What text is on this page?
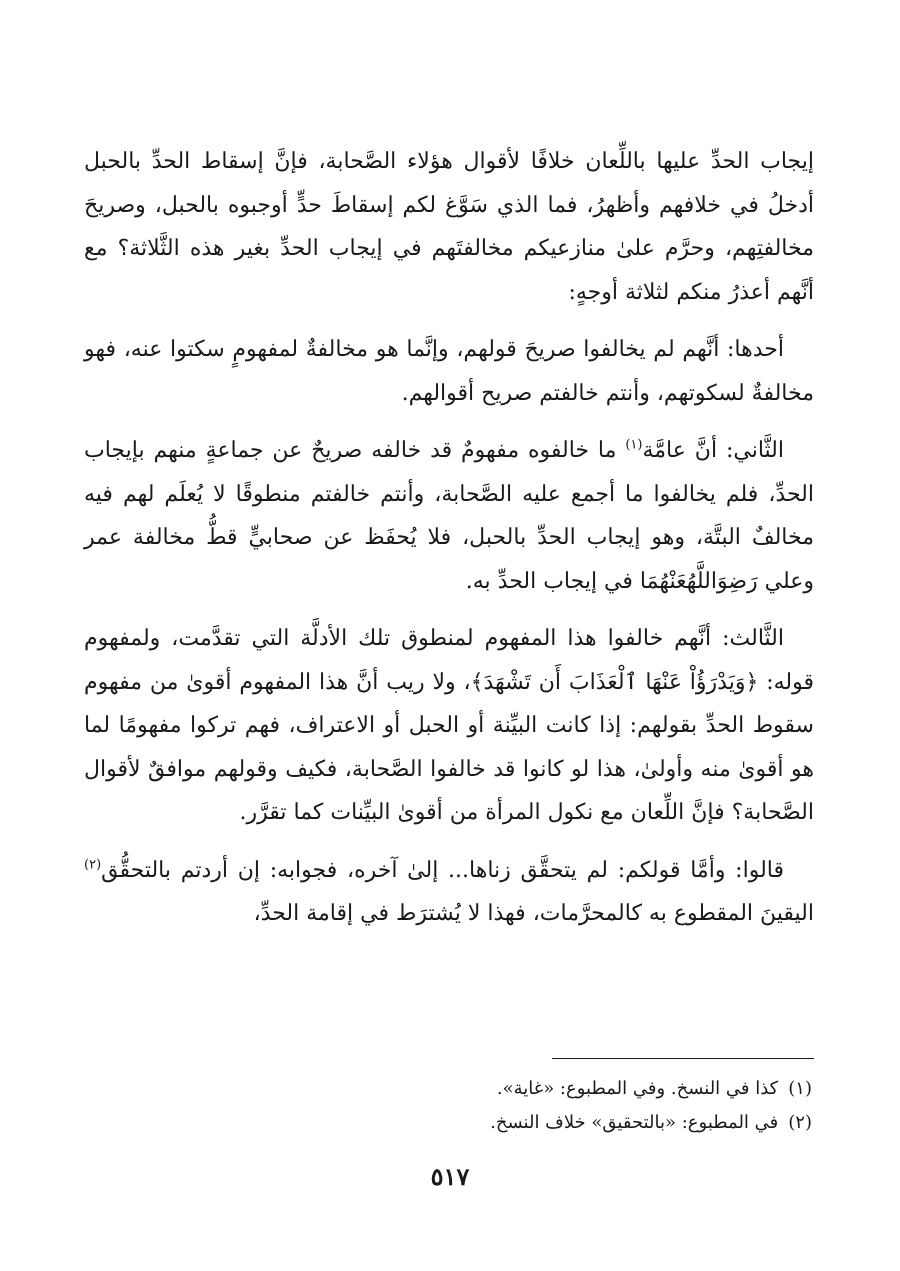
إيجاب الحدِّ عليها باللِّعان خلافًا لأقوال هؤلاء الصَّحابة، فإنَّ إسقاط الحدِّ بالحبل أدخلُ في خلافهم وأظهرُ، فما الذي سَوَّغ لكم إسقاطَ حدٍّ أوجبوه بالحبل، وصريحَ مخالفتِهم، وحرَّم علىٰ منازعيكم مخالفتَهم في إيجاب الحدِّ بغير هذه الثَّلاثة؟ مع أنَّهم أعذرُ منكم لثلاثة أوجهٍ:

أحدها: أنَّهم لم يخالفوا صريحَ قولهم، وإنَّما هو مخالفةٌ لمفهومٍ سكتوا عنه، فهو مخالفةٌ لسكوتهم، وأنتم خالفتم صريح أقوالهم.

الثَّاني: أنَّ عامَّة$^{(١)}$ ما خالفوه مفهومٌ قد خالفه صريحٌ عن جماعةٍ منهم بإيجاب الحدِّ، فلم يخالفوا ما أجمع عليه الصَّحابة، وأنتم خالفتم منطوقًا لا يُعلَم لهم فيه مخالفٌ البتَّة، وهو إيجاب الحدِّ بالحبل، فلا يُحفَظ عن صحابيٍّ قطُّ مخالفة عمر وعلي رَضِوَاللَّهُعَنْهُمَا في إيجاب الحدِّ به.

الثَّالث: أنَّهم خالفوا هذا المفهوم لمنطوق تلك الأدلَّة التي تقدَّمت، ولمفهوم قوله: ﴿وَيَدْرَؤُاْ عَنْهَا ٱلْعَذَابَ أَن تَشْهَدَ﴾، ولا ريب أنَّ هذا المفهوم أقوىٰ من مفهوم سقوط الحدِّ بقولهم: إذا كانت البيِّنة أو الحبل أو الاعتراف، فهم تركوا مفهومًا لما هو أقوىٰ منه وأولىٰ، هذا لو كانوا قد خالفوا الصَّحابة، فكيف وقولهم موافقٌ لأقوال الصَّحابة؟ فإنَّ اللِّعان مع نكول المرأة من أقوىٰ البيِّنات كما تقرَّر.

قالوا: وأمَّا قولكم: لم يتحقَّق زناها... إلىٰ آخره، فجوابه: إن أردتم بالتحقُّق$^{(٢)}$ اليقينَ المقطوع به كالمحرَّمات، فهذا لا يُشترَط في إقامة الحدِّ،

(١)كذا في النسخ. وفي المطبوع: «غاية».

(٢)في المطبوع: «بالتحقيق» خلاف النسخ.

٥١٧
